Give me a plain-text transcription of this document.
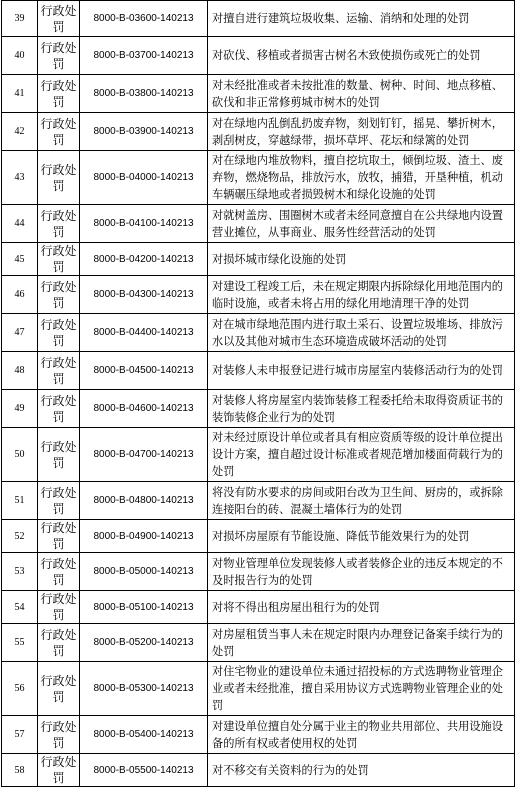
39	行政处罚	8000-B-03600-140213	对擅自进行建筑垃圾收集、运输、消纳和处理的处罚
40	行政处罚	8000-B-03700-140213	对砍伐、移植或者损害古树名木致使损伤或死亡的处罚
41	行政处罚	8000-B-03800-140213	对未经批准或者未按批准的数量、树种、时间、地点移植、砍伐和非正常修剪城市树木的处罚
42	行政处罚	8000-B-03900-140213	对在绿地内乱倒乱扔废弃物，刻划钉钉，摇晃、攀折树木，剥刮树皮，穿越绿带，损坏草坪、花坛和绿篱的处罚
43	行政处罚	8000-B-04000-140213	对在绿地内堆放物料，擅自挖坑取土，倾倒垃圾、渣土、废弃物，燃烧物品，排放污水，放牧，捕猎，开垦种植，机动车辆碾压绿地或者损毁树木和绿化设施的处罚
44	行政处罚	8000-B-04100-140213	对就树盖房、围圈树木或者未经同意擅自在公共绿地内设置营业摊位，从事商业、服务性经营活动的处罚
45	行政处罚	8000-B-04200-140213	对损坏城市绿化设施的处罚
46	行政处罚	8000-B-04300-140213	对建设工程竣工后，未在规定期限内拆除绿化用地范围内的临时设施，或者未将占用的绿化用地清理干净的处罚
47	行政处罚	8000-B-04400-140213	对在城市绿地范围内进行取土采石、设置垃圾堆场、排放污水以及其他对城市生态环境造成破坏活动的处罚
48	行政处罚	8000-B-04500-140213	对装修人未申报登记进行城市房屋室内装修活动行为的处罚
49	行政处罚	8000-B-04600-140213	对装修人将房屋室内装饰装修工程委托给未取得资质证书的装饰装修企业行为的处罚
50	行政处罚	8000-B-04700-140213	对未经过原设计单位或者具有相应资质等级的设计单位提出设计方案，擅自超过设计标准或者规范增加楼面荷载行为的处罚
51	行政处罚	8000-B-04800-140213	将没有防水要求的房间或阳台改为卫生间、厨房的，或拆除连接阳台的砖、混凝土墙体行为的处罚
52	行政处罚	8000-B-04900-140213	对损坏房屋原有节能设施、降低节能效果行为的处罚
53	行政处罚	8000-B-05000-140213	对物业管理单位发现装修人或者装修企业的违反本规定的不及时报告行为的处罚
54	行政处罚	8000-B-05100-140213	对将不得出租房屋出租行为的处罚
55	行政处罚	8000-B-05200-140213	对房屋租赁当事人未在规定时限内办理登记备案手续行为的处罚
56	行政处罚	8000-B-05300-140213	对住宅物业的建设单位未通过招投标的方式选聘物业管理企业或者未经批准，擅自采用协议方式选聘物业管理企业的处罚
57	行政处罚	8000-B-05400-140213	对建设单位擅自处分属于业主的物业共用部位、共用设施设备的所有权或者使用权的处罚
58	行政处罚	8000-B-05500-140213	对不移交有关资料的行为的处罚
